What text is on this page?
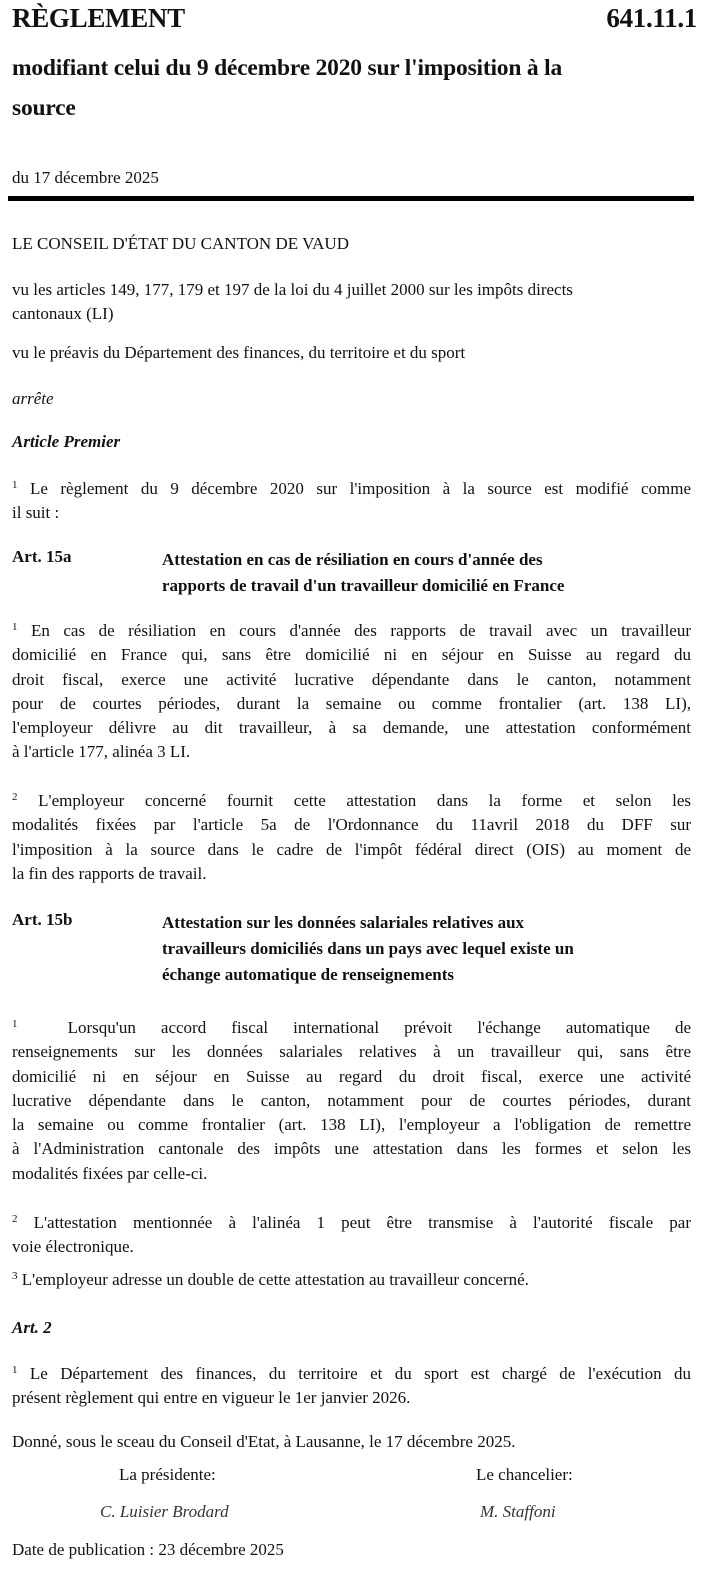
RÈGLEMENT	641.11.1
modifiant celui du 9 décembre 2020 sur l'imposition à la
source
du 17 décembre 2025
LE CONSEIL D'ÉTAT DU CANTON DE VAUD
vu les articles 149, 177, 179 et 197 de la loi du 4 juillet 2000 sur les impôts directs
cantonaux (LI)
vu le préavis du Département des finances, du territoire et du sport
arrête
Article Premier
$^1$ Le règlement du 9 décembre 2020 sur l'imposition à la source est modifié comme
il suit :
Art. 15a	Attestation en cas de résiliation en cours d'année des
rapports de travail d'un travailleur domicilié en France
$^1$ En cas de résiliation en cours d'année des rapports de travail avec un travailleur
domicilié en France qui, sans être domicilié ni en séjour en Suisse au regard du
droit fiscal, exerce une activité lucrative dépendante dans le canton, notamment
pour de courtes périodes, durant la semaine ou comme frontalier (art. 138 LI),
l'employeur délivre au dit travailleur, à sa demande, une attestation conformément
à l'article 177, alinéa 3 LI.
$^2$ L'employeur concerné fournit cette attestation dans la forme et selon les
modalités fixées par l'article 5a de l'Ordonnance du 11avril 2018 du DFF sur
l'imposition à la source dans le cadre de l'impôt fédéral direct (OIS) au moment de
la fin des rapports de travail.
Art. 15b	Attestation sur les données salariales relatives aux
travailleurs domiciliés dans un pays avec lequel existe un
échange automatique de renseignements
$^1$	Lorsqu'un accord fiscal international prévoit l'échange automatique de
renseignements sur les données salariales relatives à un travailleur qui, sans être
domicilié ni en séjour en Suisse au regard du droit fiscal, exerce une activité
lucrative dépendante dans le canton, notamment pour de courtes périodes, durant
la semaine ou comme frontalier (art. 138 LI), l'employeur a l'obligation de remettre
à l'Administration cantonale des impôts une attestation dans les formes et selon les
modalités fixées par celle-ci.
$^2$ L'attestation mentionnée à l'alinéa 1 peut être transmise à l'autorité fiscale par
voie électronique.
$^3$ L'employeur adresse un double de cette attestation au travailleur concerné.
Art. 2
$^1$ Le Département des finances, du territoire et du sport est chargé de l'exécution du
présent règlement qui entre en vigueur le 1er janvier 2026.
Donné, sous le sceau du Conseil d'Etat, à Lausanne, le 17 décembre 2025.
La présidente:	Le chancelier:
C. Luisier Brodard	M. Staffoni
Date de publication : 23 décembre 2025
